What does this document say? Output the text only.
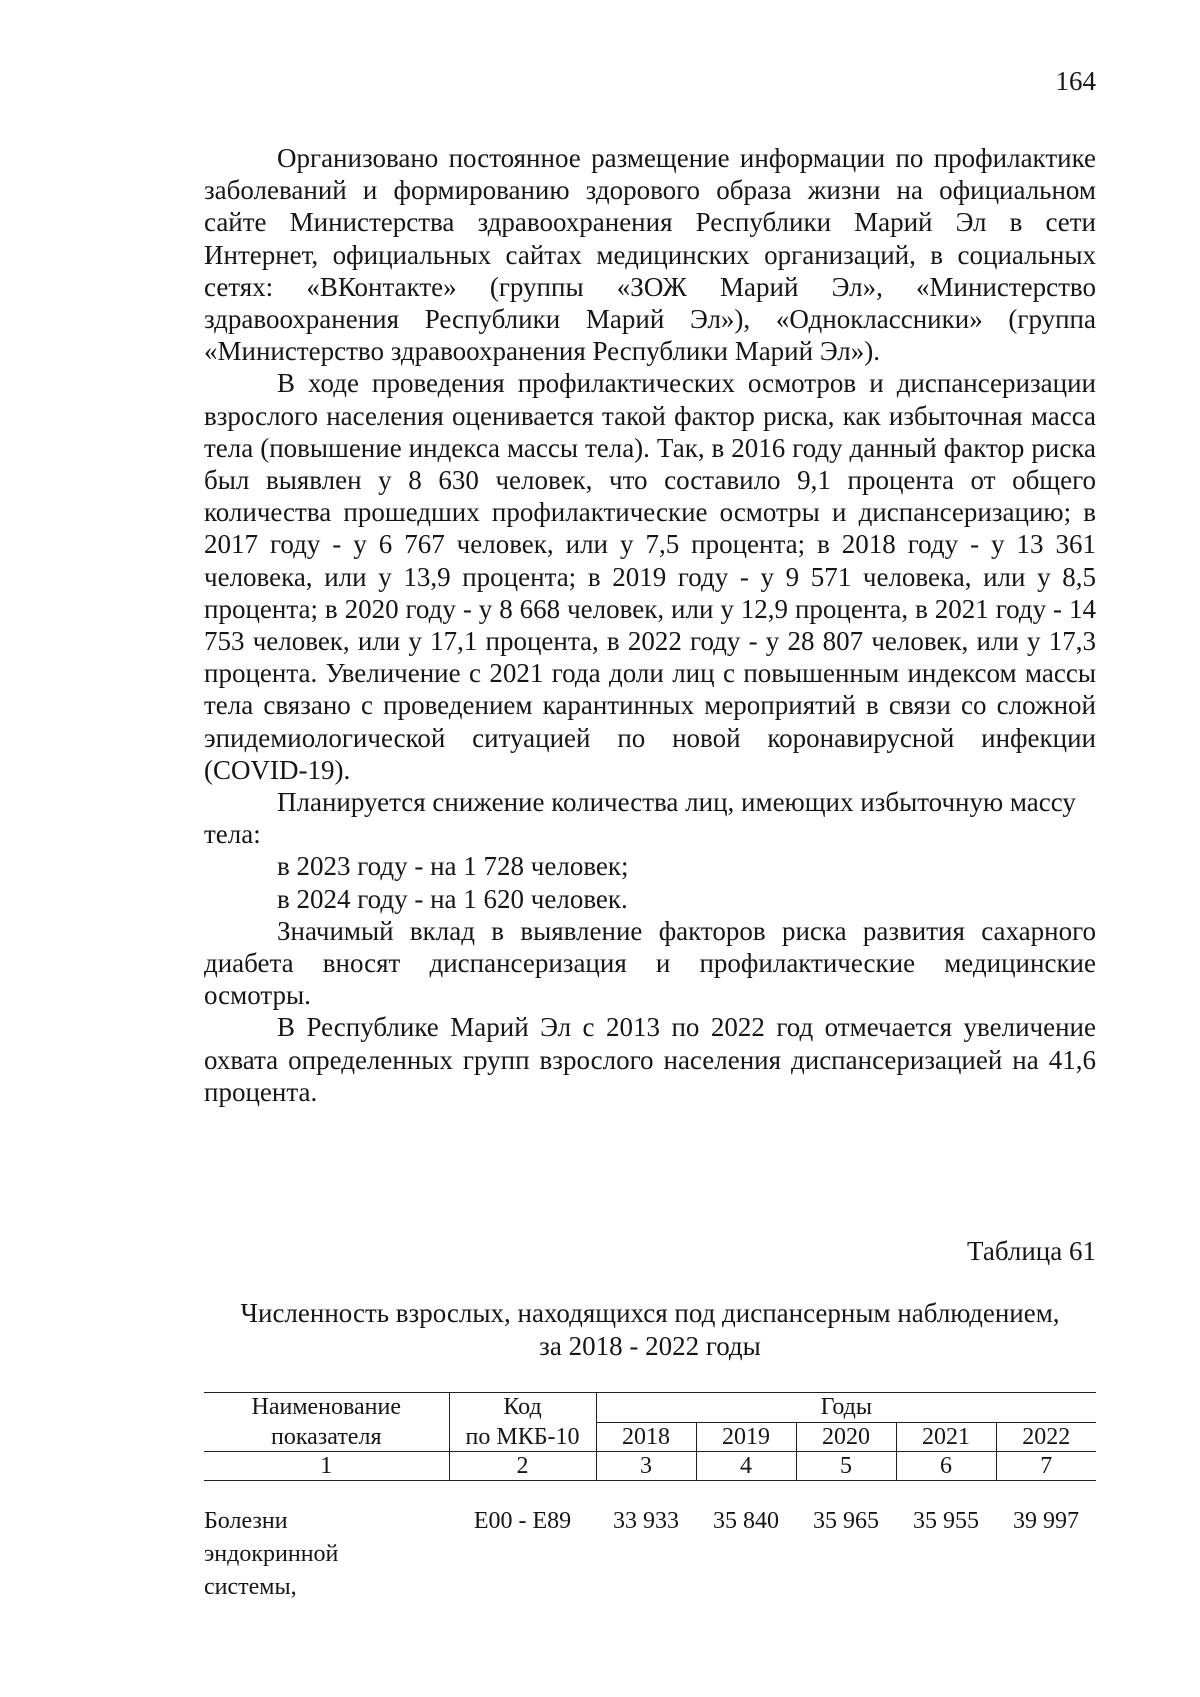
164

Организовано постоянное размещение информации по профилактике заболеваний и формированию здорового образа жизни на официальном сайте Министерства здравоохранения Республики Марий Эл в сети Интернет, официальных сайтах медицинских организаций, в социальных сетях: «ВКонтакте» (группы «ЗОЖ Марий Эл», «Министерство здравоохранения Республики Марий Эл»), «Одноклассники» (группа «Министерство здравоохранения Республики Марий Эл»).

В ходе проведения профилактических осмотров и диспансеризации взрослого населения оценивается такой фактор риска, как избыточная масса тела (повышение индекса массы тела). Так, в 2016 году данный фактор риска был выявлен у 8 630 человек, что составило 9,1 процента от общего количества прошедших профилактические осмотры и диспансеризацию; в 2017 году - у 6 767 человек, или у 7,5 процента; в 2018 году - у 13 361 человека, или у 13,9 процента; в 2019 году - у 9 571 человека, или у 8,5 процента; в 2020 году - у 8 668 человек, или у 12,9 процента, в 2021 году - 14 753 человек, или у 17,1 процента, в 2022 году - у 28 807 человек, или у 17,3 процента. Увеличение с 2021 года доли лиц с повышенным индексом массы тела связано с проведением карантинных мероприятий в связи со сложной эпидемиологической ситуацией по новой коронавирусной инфекции (COVID-19).

Планируется снижение количества лиц, имеющих избыточную массу тела:

в 2023 году - на 1 728 человек;

в 2024 году - на 1 620 человек.

Значимый вклад в выявление факторов риска развития сахарного диабета вносят диспансеризация и профилактические медицинские осмотры.

В Республике Марий Эл с 2013 по 2022 год отмечается увеличение охвата определенных групп взрослого населения диспансеризацией на 41,6 процента.

Таблица 61
Численность взрослых, находящихся под диспансерным наблюдением,
за 2018 - 2022 годы
Наименование	Код	Годы				
показателя	по МКБ-10	2018	2019	2020	2021	2022
1	2	3	4	5	6	7

Болезни
эндокринной
системы,	E00 - E89	33 933	35 840	35 965	35 955	39 997
